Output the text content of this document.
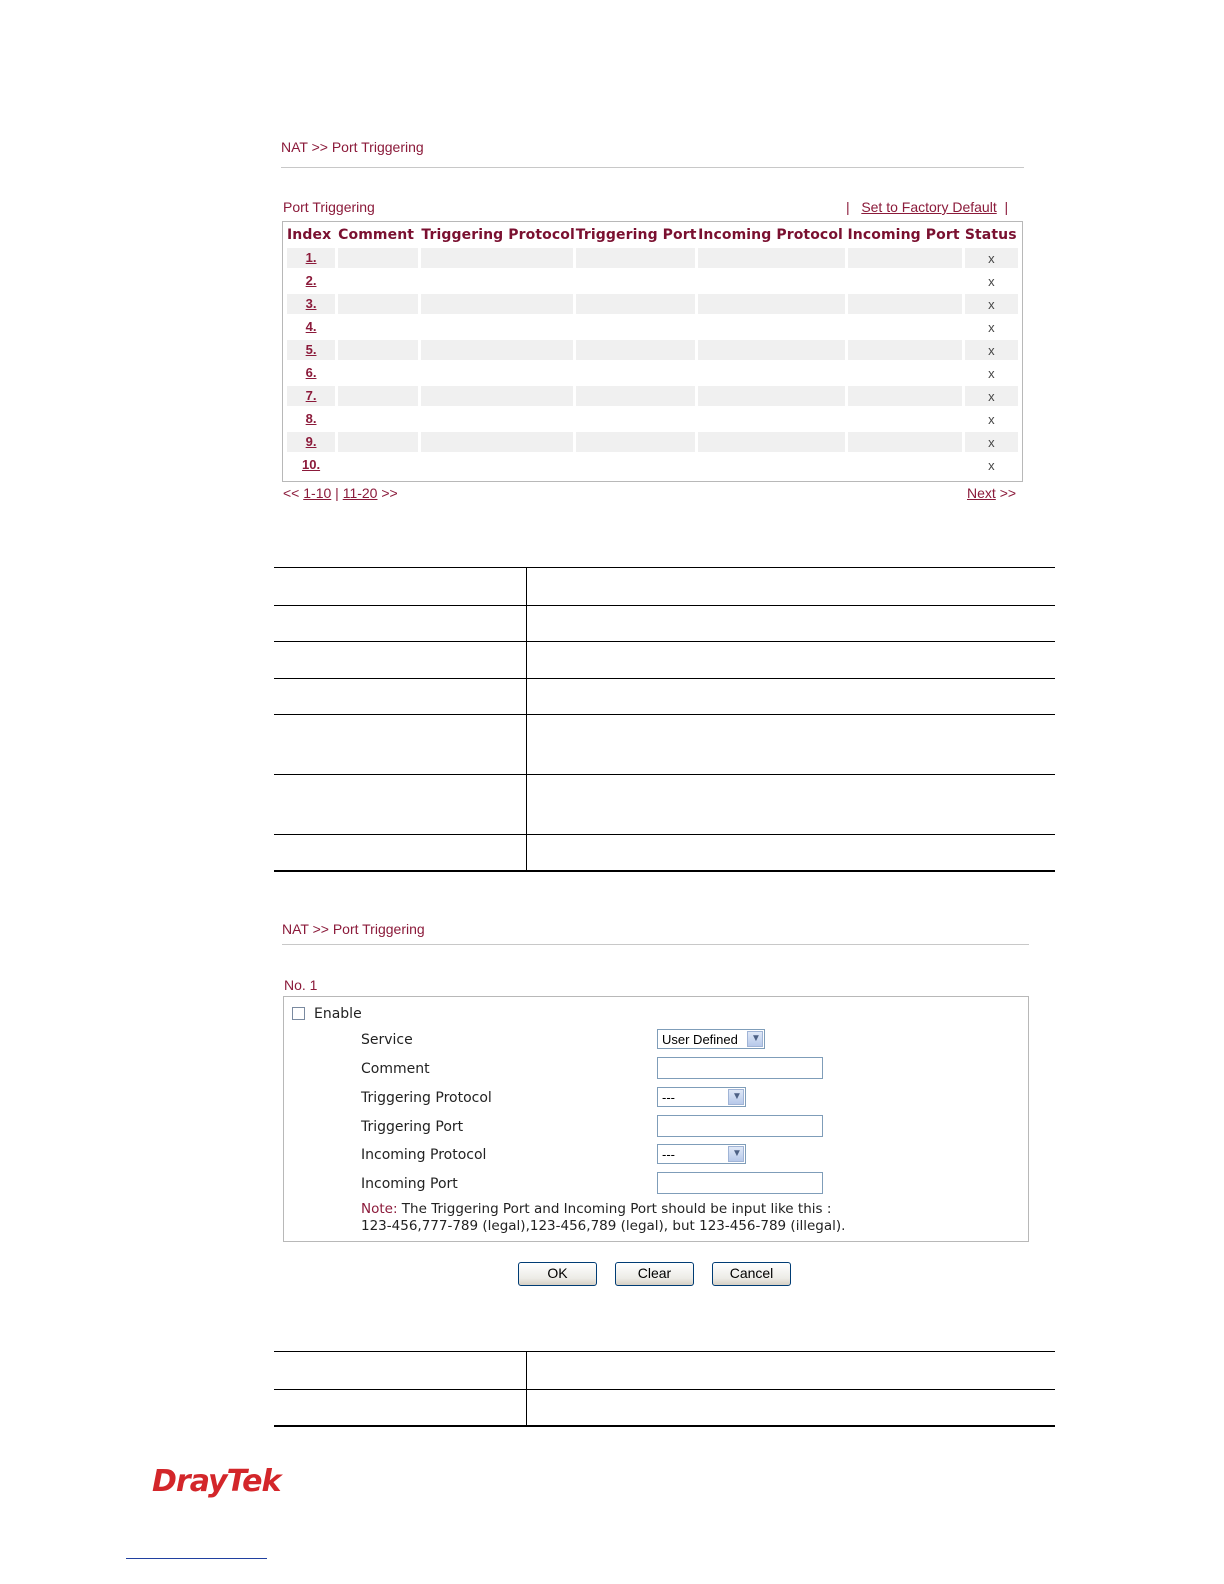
NAT >> Port Triggering
Port Triggering	| Set to Factory Default |
Index	Comment	Triggering Protocol	Triggering Port	Incoming Protocol	Incoming Port	Status
1.						x
2.						x
3.						x
4.						x
5.						x
6.						x
7.						x
8.						x
9.						x
10.						x
<< 1-10 | 11-20 >>	Next >>
NAT >> Port Triggering
No. 1
Enable
Service	User Defined ▼
Comment
Triggering Protocol	---	▼
Triggering Port
Incoming Protocol	---	▼
Incoming Port
Note: The Triggering Port and Incoming Port should be input like this :
123-456,777-789 (legal),123-456,789 (legal), but 123-456-789 (illegal).
OK	Clear	Cancel
DrayTek
